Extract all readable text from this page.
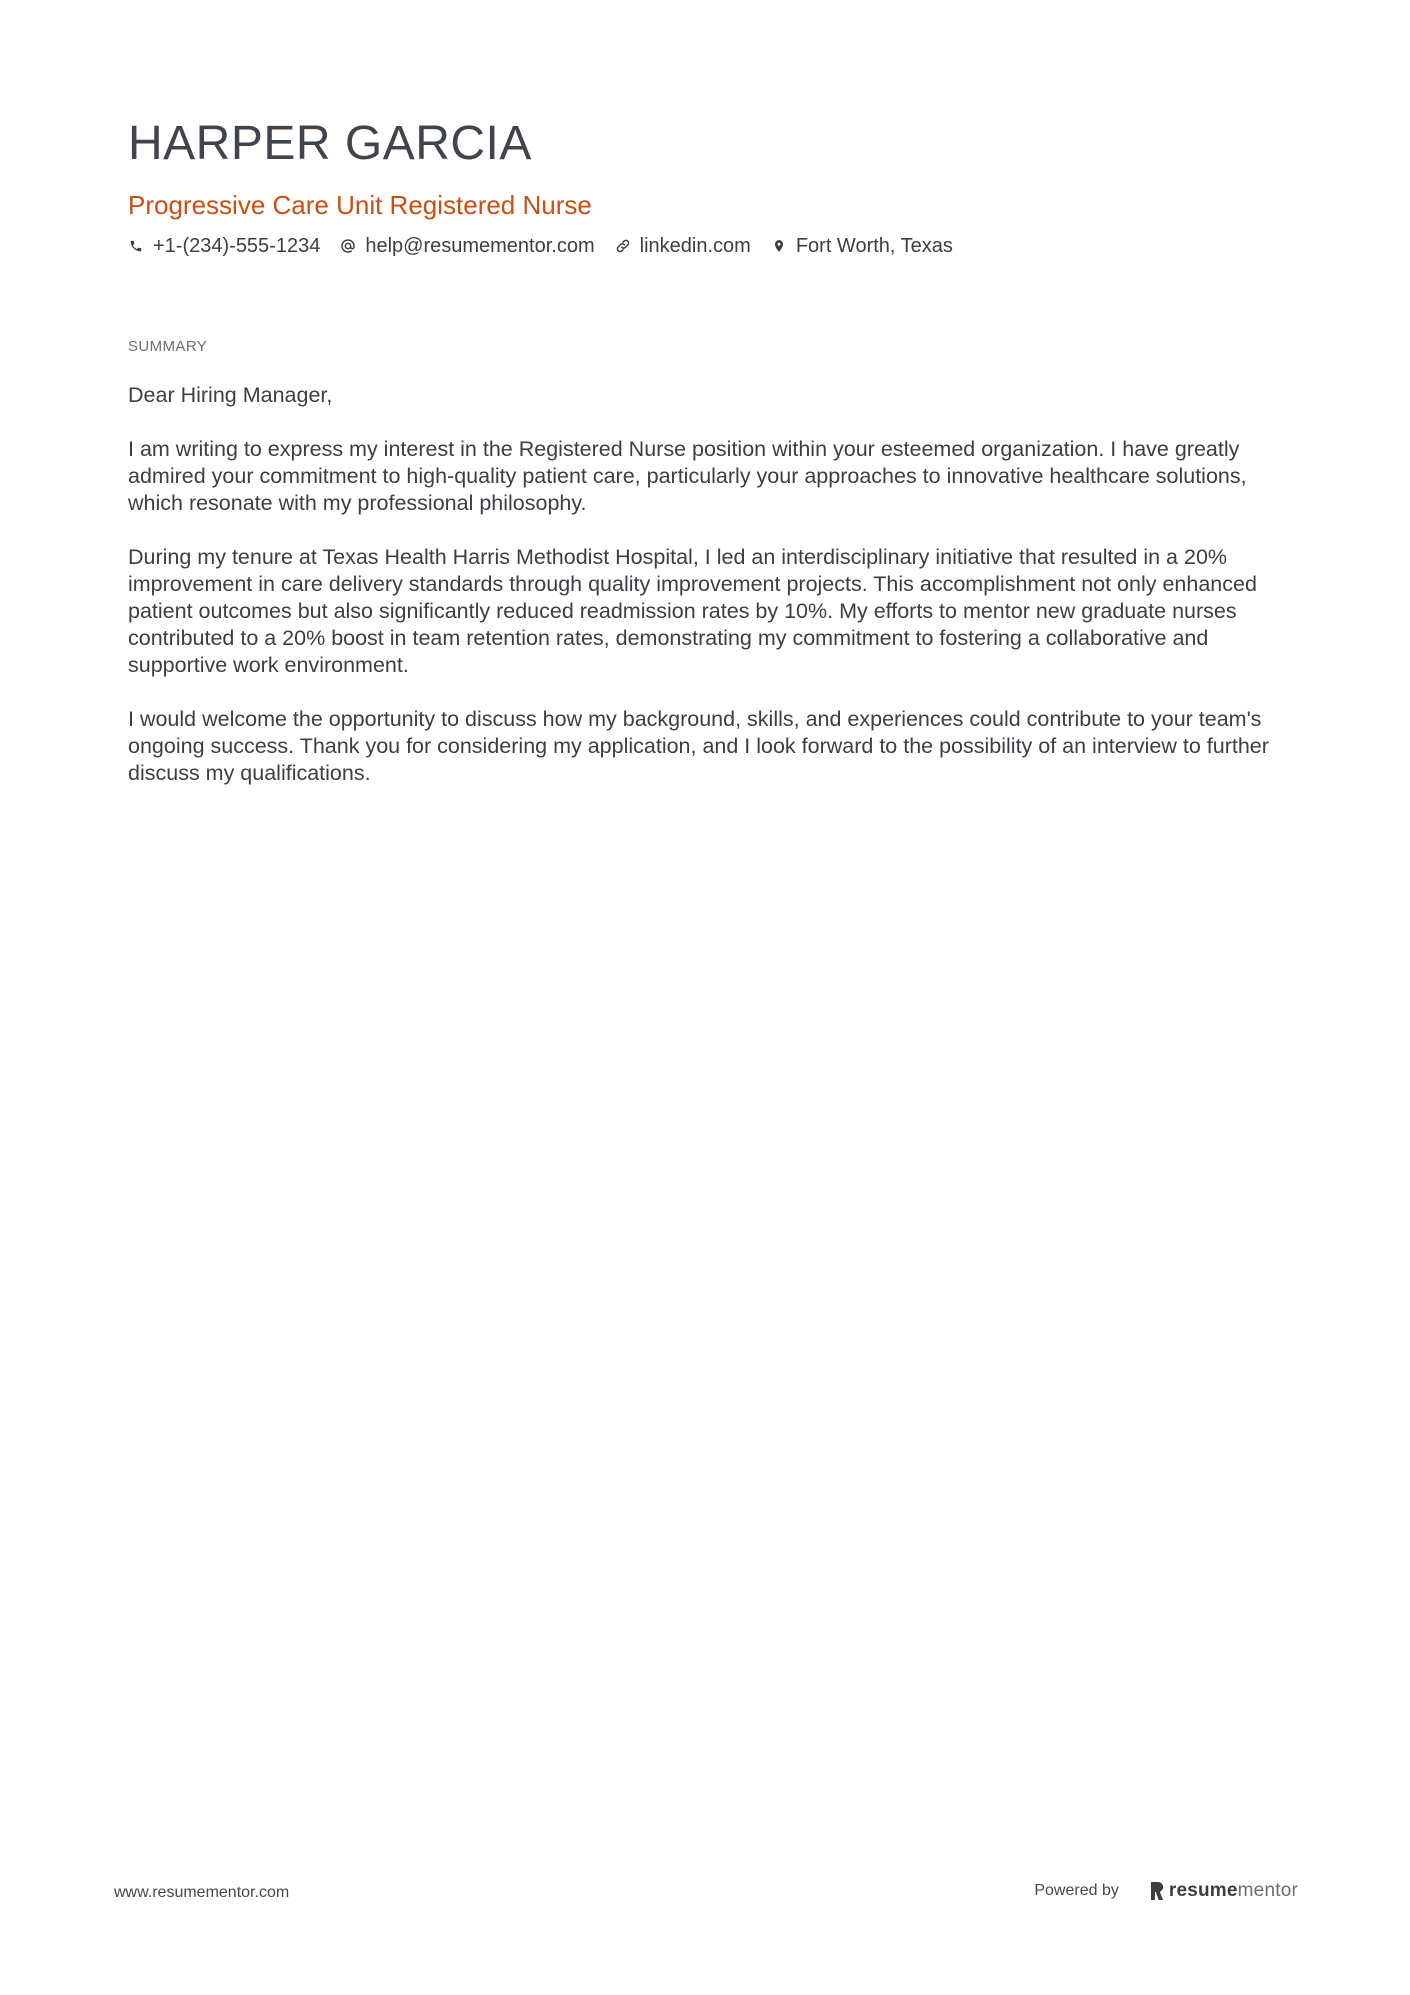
HARPER GARCIA
Progressive Care Unit Registered Nurse
+1-(234)-555-1234 help@resumementor.com linkedin.com Fort Worth, Texas
SUMMARY

Dear Hiring Manager,

I am writing to express my interest in the Registered Nurse position within your esteemed organization. I have greatly admired your commitment to high-quality patient care, particularly your approaches to innovative healthcare solutions, which resonate with my professional philosophy.

During my tenure at Texas Health Harris Methodist Hospital, I led an interdisciplinary initiative that resulted in a 20% improvement in care delivery standards through quality improvement projects. This accomplishment not only enhanced patient outcomes but also significantly reduced readmission rates by 10%. My efforts to mentor new graduate nurses contributed to a 20% boost in team retention rates, demonstrating my commitment to fostering a collaborative and supportive work environment.

I would welcome the opportunity to discuss how my background, skills, and experiences could contribute to your team's ongoing success. Thank you for considering my application, and I look forward to the possibility of an interview to further discuss my qualifications.

www.resumementor.com	Powered by	resume mentor
